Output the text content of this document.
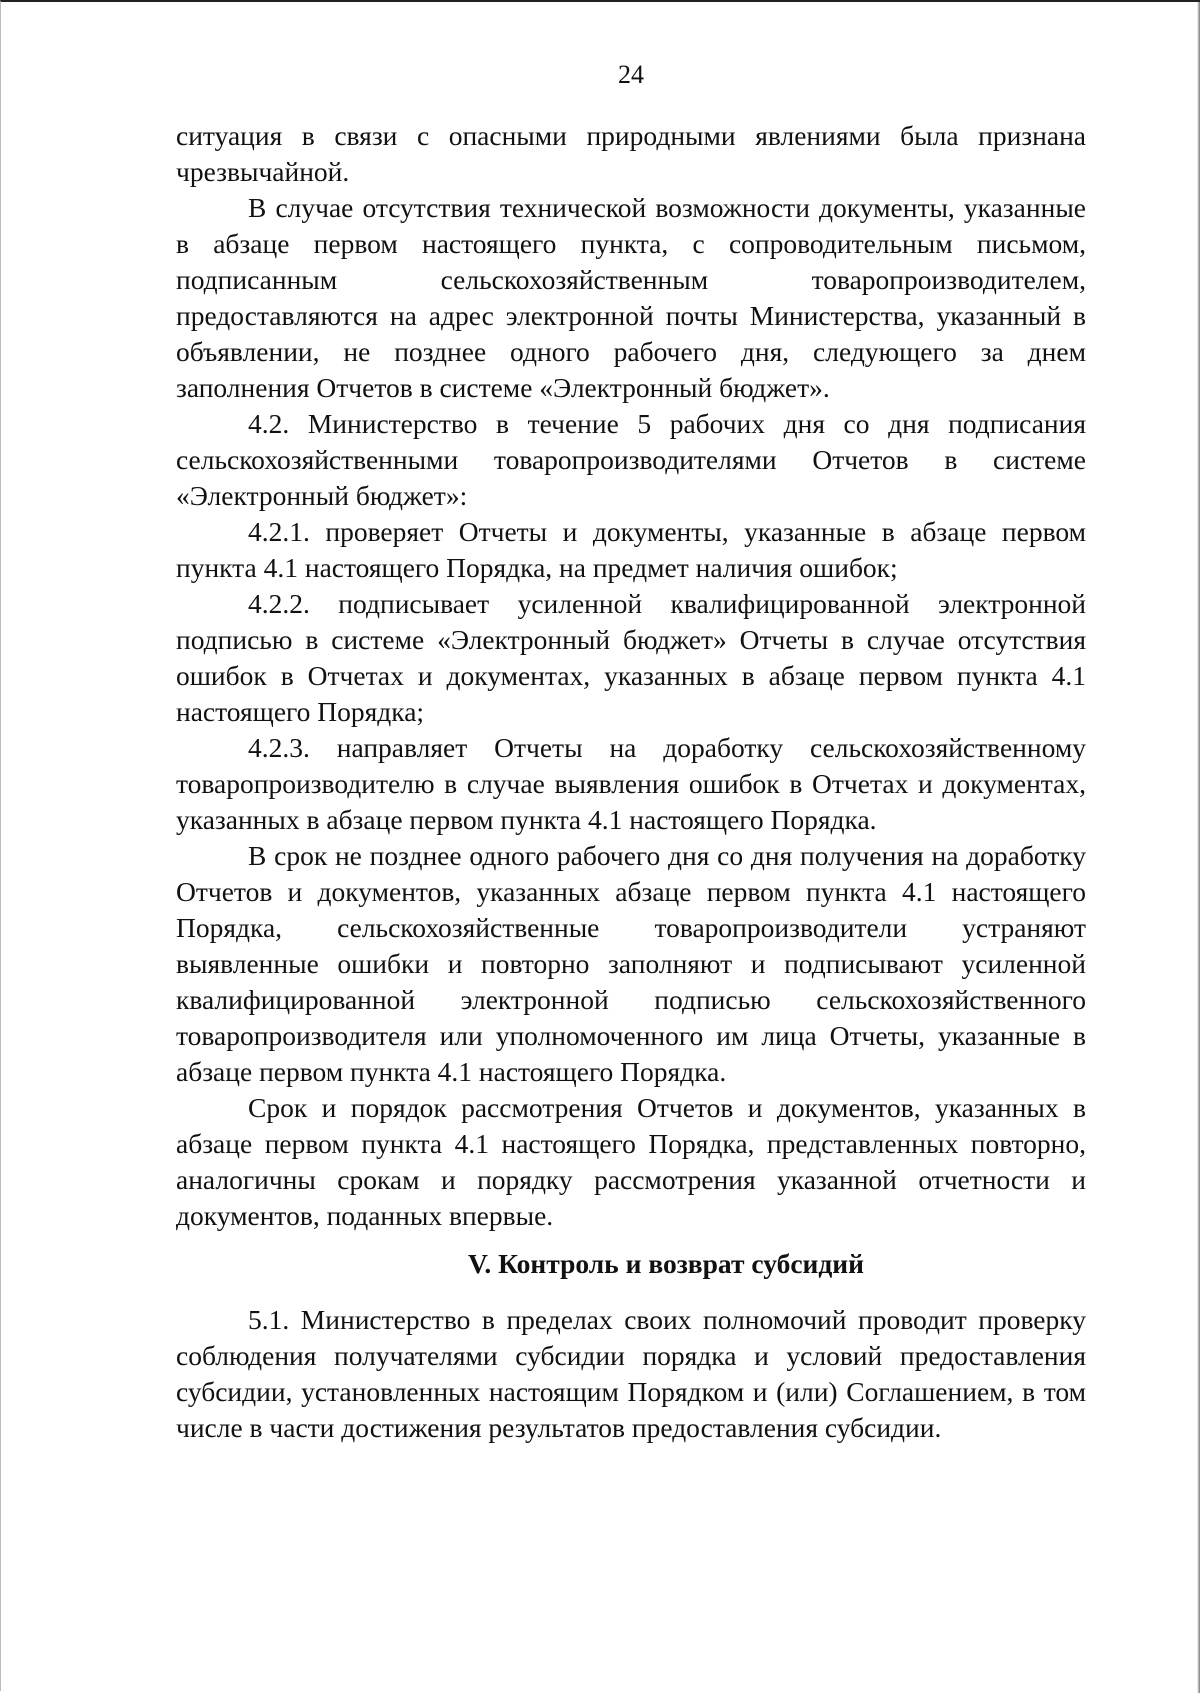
24

ситуация в связи с опасными природными явлениями была признана чрезвычайной.

В случае отсутствия технической возможности документы, указанные в абзаце первом настоящего пункта, с сопроводительным письмом, подписанным сельскохозяйственным товаропроизводителем, предоставляются на адрес электронной почты Министерства, указанный в объявлении, не позднее одного рабочего дня, следующего за днем заполнения Отчетов в системе «Электронный бюджет».

4.2. Министерство в течение 5 рабочих дня со дня подписания сельскохозяйственными товаропроизводителями Отчетов в системе «Электронный бюджет»:

4.2.1. проверяет Отчеты и документы, указанные в абзаце первом пункта 4.1 настоящего Порядка, на предмет наличия ошибок;

4.2.2. подписывает усиленной квалифицированной электронной подписью в системе «Электронный бюджет» Отчеты в случае отсутствия ошибок в Отчетах и документах, указанных в абзаце первом пункта 4.1 настоящего Порядка;

4.2.3. направляет Отчеты на доработку сельскохозяйственному товаропроизводителю в случае выявления ошибок в Отчетах и документах, указанных в абзаце первом пункта 4.1 настоящего Порядка.

В срок не позднее одного рабочего дня со дня получения на доработку Отчетов и документов, указанных абзаце первом пункта 4.1 настоящего Порядка, сельскохозяйственные товаропроизводители устраняют выявленные ошибки и повторно заполняют и подписывают усиленной квалифицированной электронной подписью сельскохозяйственного товаропроизводителя или уполномоченного им лица Отчеты, указанные в абзаце первом пункта 4.1 настоящего Порядка.

Срок и порядок рассмотрения Отчетов и документов, указанных в абзаце первом пункта 4.1 настоящего Порядка, представленных повторно, аналогичны срокам и порядку рассмотрения указанной отчетности и документов, поданных впервые.

V. Контроль и возврат субсидий

5.1. Министерство в пределах своих полномочий проводит проверку соблюдения получателями субсидии порядка и условий предоставления субсидии, установленных настоящим Порядком и (или) Соглашением, в том числе в части достижения результатов предоставления субсидии.
